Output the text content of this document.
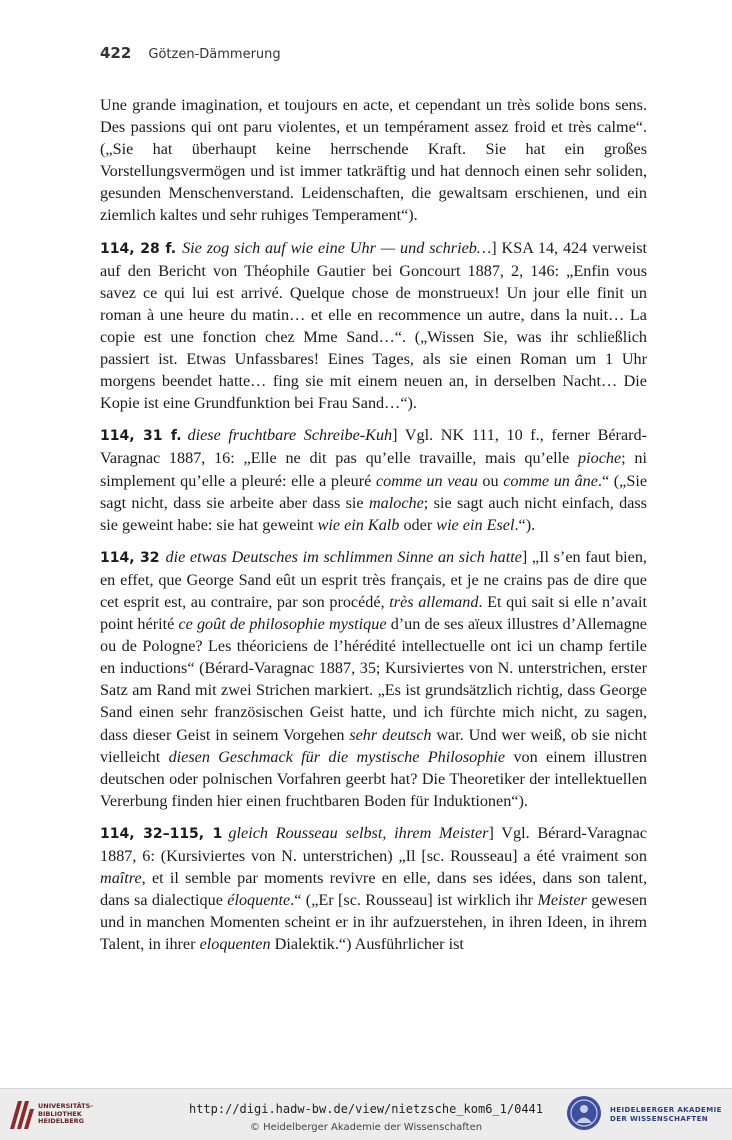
422 Götzen-Dämmerung

Une grande imagination, et toujours en acte, et cependant un très solide bons sens. Des passions qui ont paru violentes, et un tempérament assez froid et très calme“. („Sie hat überhaupt keine herrschende Kraft. Sie hat ein großes Vorstellungsvermögen und ist immer tatkräftig und hat dennoch einen sehr soliden, gesunden Menschenverstand. Leidenschaften, die gewaltsam erschienen, und ein ziemlich kaltes und sehr ruhiges Temperament“).

114, 28 f. Sie zog sich auf wie eine Uhr — und schrieb…] KSA 14, 424 verweist auf den Bericht von Théophile Gautier bei Goncourt 1887, 2, 146: „Enfin vous savez ce qui lui est arrivé. Quelque chose de monstrueux! Un jour elle finit un roman à une heure du matin… et elle en recommence un autre, dans la nuit… La copie est une fonction chez Mme Sand…“. („Wissen Sie, was ihr schließlich passiert ist. Etwas Unfassbares! Eines Tages, als sie einen Roman um 1 Uhr morgens beendet hatte… fing sie mit einem neuen an, in derselben Nacht… Die Kopie ist eine Grundfunktion bei Frau Sand…“).

114, 31 f. diese fruchtbare Schreibe-Kuh] Vgl. NK 111, 10 f., ferner Bérard-Varagnac 1887, 16: „Elle ne dit pas qu’elle travaille, mais qu’elle pioche; ni simplement qu’elle a pleuré: elle a pleuré comme un veau ou comme un âne.“ („Sie sagt nicht, dass sie arbeite aber dass sie maloche; sie sagt auch nicht einfach, dass sie geweint habe: sie hat geweint wie ein Kalb oder wie ein Esel.“).

114, 32 die etwas Deutsches im schlimmen Sinne an sich hatte] „Il s’en faut bien, en effet, que George Sand eût un esprit très français, et je ne crains pas de dire que cet esprit est, au contraire, par son procédé, très allemand. Et qui sait si elle n’avait point hérité ce goût de philosophie mystique d’un de ses aïeux illustres d’Allemagne ou de Pologne? Les théoriciens de l’hérédité intellectuelle ont ici un champ fertile en inductions“ (Bérard-Varagnac 1887, 35; Kursiviertes von N. unterstrichen, erster Satz am Rand mit zwei Strichen markiert. „Es ist grundsätzlich richtig, dass George Sand einen sehr französischen Geist hatte, und ich fürchte mich nicht, zu sagen, dass dieser Geist in seinem Vorgehen sehr deutsch war. Und wer weiß, ob sie nicht vielleicht diesen Geschmack für die mystische Philosophie von einem illustren deutschen oder polnischen Vorfahren geerbt hat? Die Theoretiker der intellektuellen Vererbung finden hier einen fruchtbaren Boden für Induktionen“).

114, 32–115, 1 gleich Rousseau selbst, ihrem Meister] Vgl. Bérard-Varagnac 1887, 6: (Kursiviertes von N. unterstrichen) „Il [sc. Rousseau] a été vraiment son maître, et il semble par moments revivre en elle, dans ses idées, dans son talent, dans sa dialectique éloquente.“ („Er [sc. Rousseau] ist wirklich ihr Meister gewesen und in manchen Momenten scheint er in ihr aufzuerstehen, in ihren Ideen, in ihrem Talent, in ihrer eloquenten Dialektik.“) Ausführlicher ist

UNIVERSITÄTS-
BIBLIOTHEK
HEIDELBERG
http://digi.hadw-bw.de/view/nietzsche_kom6_1/0441
© Heidelberger Akademie der Wissenschaften
HEIDELBERGER AKADEMIE
DER WISSENSCHAFTEN
